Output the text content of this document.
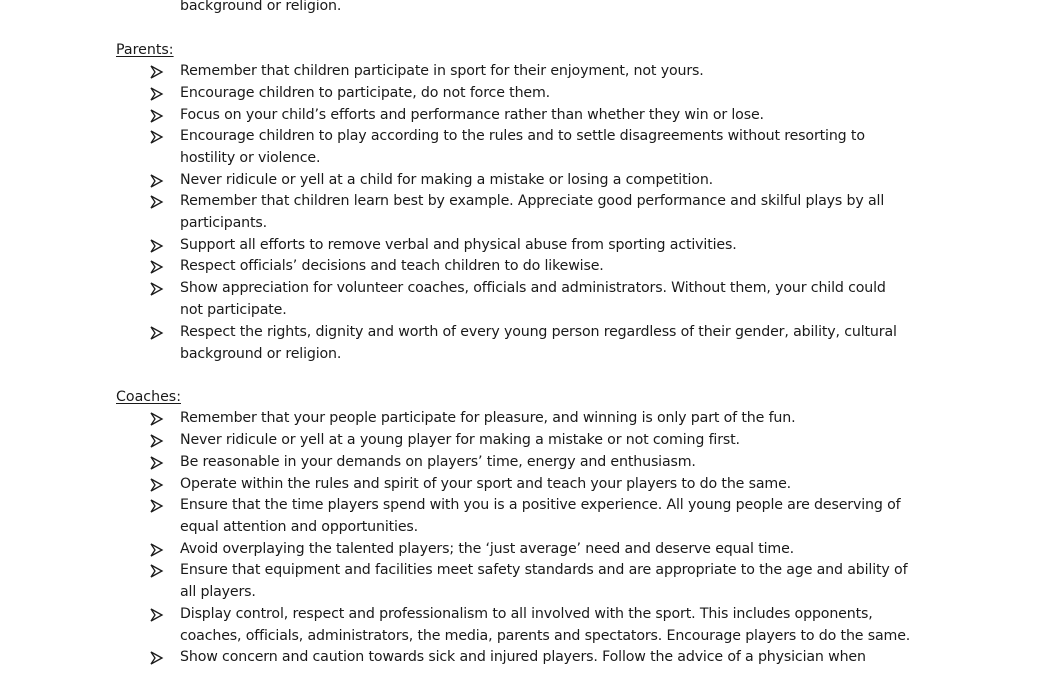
background or religion.
Parents:
Remember that children participate in sport for their enjoyment, not yours.
Encourage children to participate, do not force them.
Focus on your child’s efforts and performance rather than whether they win or lose.
Encourage children to play according to the rules and to settle disagreements without resorting to
hostility or violence.
Never ridicule or yell at a child for making a mistake or losing a competition.
Remember that children learn best by example. Appreciate good performance and skilful plays by all
participants.
Support all efforts to remove verbal and physical abuse from sporting activities.
Respect officials’ decisions and teach children to do likewise.
Show appreciation for volunteer coaches, officials and administrators. Without them, your child could
not participate.
Respect the rights, dignity and worth of every young person regardless of their gender, ability, cultural
background or religion.
Coaches:
Remember that your people participate for pleasure, and winning is only part of the fun.
Never ridicule or yell at a young player for making a mistake or not coming first.
Be reasonable in your demands on players’ time, energy and enthusiasm.
Operate within the rules and spirit of your sport and teach your players to do the same.
Ensure that the time players spend with you is a positive experience. All young people are deserving of
equal attention and opportunities.
Avoid overplaying the talented players; the ‘just average’ need and deserve equal time.
Ensure that equipment and facilities meet safety standards and are appropriate to the age and ability of
all players.
Display control, respect and professionalism to all involved with the sport. This includes opponents,
coaches, officials, administrators, the media, parents and spectators. Encourage players to do the same.
Show concern and caution towards sick and injured players. Follow the advice of a physician when
